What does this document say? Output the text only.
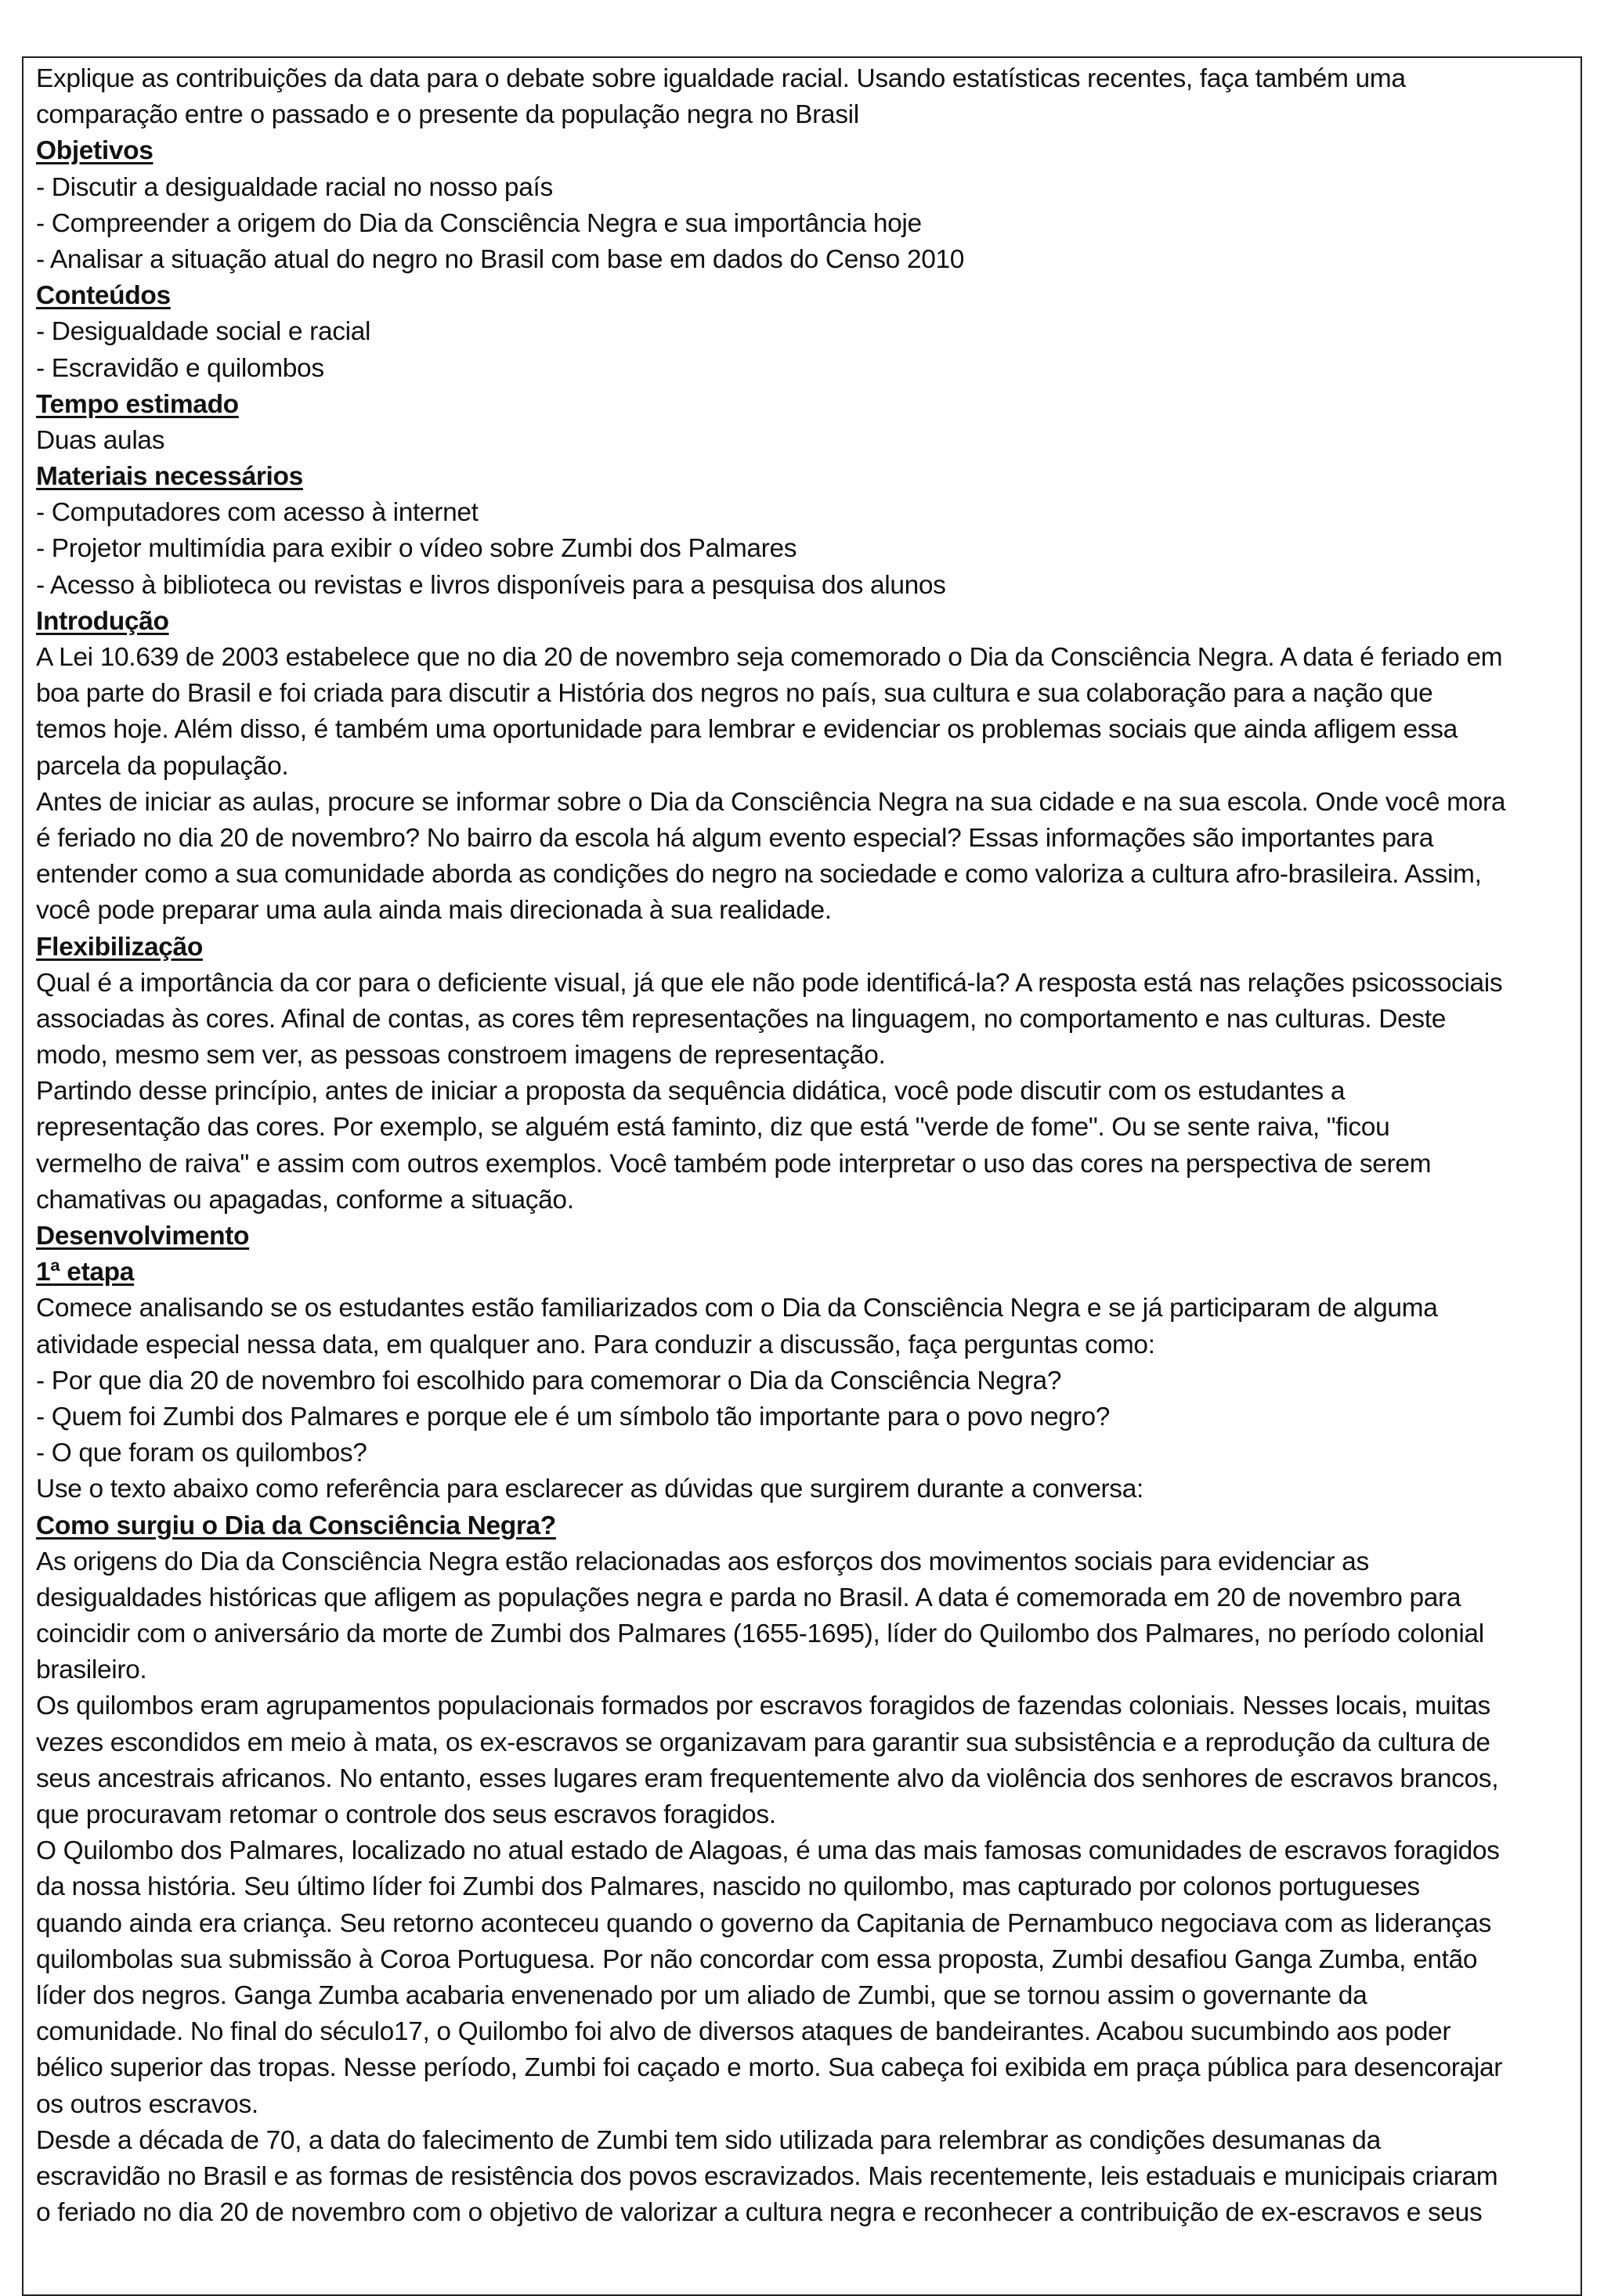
Explique as contribuições da data para o debate sobre igualdade racial. Usando estatísticas recentes, faça também uma

comparação entre o passado e o presente da população negra no Brasil

Objetivos

- Discutir a desigualdade racial no nosso país

- Compreender a origem do Dia da Consciência Negra e sua importância hoje

- Analisar a situação atual do negro no Brasil com base em dados do Censo 2010

Conteúdos

- Desigualdade social e racial

- Escravidão e quilombos

Tempo estimado

Duas aulas

Materiais necessários

- Computadores com acesso à internet

- Projetor multimídia para exibir o vídeo sobre Zumbi dos Palmares

- Acesso à biblioteca ou revistas e livros disponíveis para a pesquisa dos alunos

Introdução

A Lei 10.639 de 2003 estabelece que no dia 20 de novembro seja comemorado o Dia da Consciência Negra. A data é feriado em

boa parte do Brasil e foi criada para discutir a História dos negros no país, sua cultura e sua colaboração para a nação que

temos hoje. Além disso, é também uma oportunidade para lembrar e evidenciar os problemas sociais que ainda afligem essa

parcela da população.

Antes de iniciar as aulas, procure se informar sobre o Dia da Consciência Negra na sua cidade e na sua escola. Onde você mora

é feriado no dia 20 de novembro? No bairro da escola há algum evento especial? Essas informações são importantes para

entender como a sua comunidade aborda as condições do negro na sociedade e como valoriza a cultura afro-brasileira. Assim,

você pode preparar uma aula ainda mais direcionada à sua realidade.

Flexibilização

Qual é a importância da cor para o deficiente visual, já que ele não pode identificá-la? A resposta está nas relações psicossociais

associadas às cores. Afinal de contas, as cores têm representações na linguagem, no comportamento e nas culturas. Deste

modo, mesmo sem ver, as pessoas constroem imagens de representação.

Partindo desse princípio, antes de iniciar a proposta da sequência didática, você pode discutir com os estudantes a

representação das cores. Por exemplo, se alguém está faminto, diz que está "verde de fome". Ou se sente raiva, "ficou

vermelho de raiva" e assim com outros exemplos. Você também pode interpretar o uso das cores na perspectiva de serem

chamativas ou apagadas, conforme a situação.

Desenvolvimento

1ª etapa

Comece analisando se os estudantes estão familiarizados com o Dia da Consciência Negra e se já participaram de alguma

atividade especial nessa data, em qualquer ano. Para conduzir a discussão, faça perguntas como:

- Por que dia 20 de novembro foi escolhido para comemorar o Dia da Consciência Negra?

- Quem foi Zumbi dos Palmares e porque ele é um símbolo tão importante para o povo negro?

- O que foram os quilombos?

Use o texto abaixo como referência para esclarecer as dúvidas que surgirem durante a conversa:

Como surgiu o Dia da Consciência Negra?

As origens do Dia da Consciência Negra estão relacionadas aos esforços dos movimentos sociais para evidenciar as

desigualdades históricas que afligem as populações negra e parda no Brasil. A data é comemorada em 20 de novembro para

coincidir com o aniversário da morte de Zumbi dos Palmares (1655-1695), líder do Quilombo dos Palmares, no período colonial

brasileiro.

Os quilombos eram agrupamentos populacionais formados por escravos foragidos de fazendas coloniais. Nesses locais, muitas

vezes escondidos em meio à mata, os ex-escravos se organizavam para garantir sua subsistência e a reprodução da cultura de

seus ancestrais africanos. No entanto, esses lugares eram frequentemente alvo da violência dos senhores de escravos brancos,

que procuravam retomar o controle dos seus escravos foragidos.

O Quilombo dos Palmares, localizado no atual estado de Alagoas, é uma das mais famosas comunidades de escravos foragidos

da nossa história. Seu último líder foi Zumbi dos Palmares, nascido no quilombo, mas capturado por colonos portugueses

quando ainda era criança. Seu retorno aconteceu quando o governo da Capitania de Pernambuco negociava com as lideranças

quilombolas sua submissão à Coroa Portuguesa. Por não concordar com essa proposta, Zumbi desafiou Ganga Zumba, então

líder dos negros. Ganga Zumba acabaria envenenado por um aliado de Zumbi, que se tornou assim o governante da

comunidade. No final do século17, o Quilombo foi alvo de diversos ataques de bandeirantes. Acabou sucumbindo aos poder

bélico superior das tropas. Nesse período, Zumbi foi caçado e morto. Sua cabeça foi exibida em praça pública para desencorajar

os outros escravos.

Desde a década de 70, a data do falecimento de Zumbi tem sido utilizada para relembrar as condições desumanas da

escravidão no Brasil e as formas de resistência dos povos escravizados. Mais recentemente, leis estaduais e municipais criaram

o feriado no dia 20 de novembro com o objetivo de valorizar a cultura negra e reconhecer a contribuição de ex-escravos e seus
